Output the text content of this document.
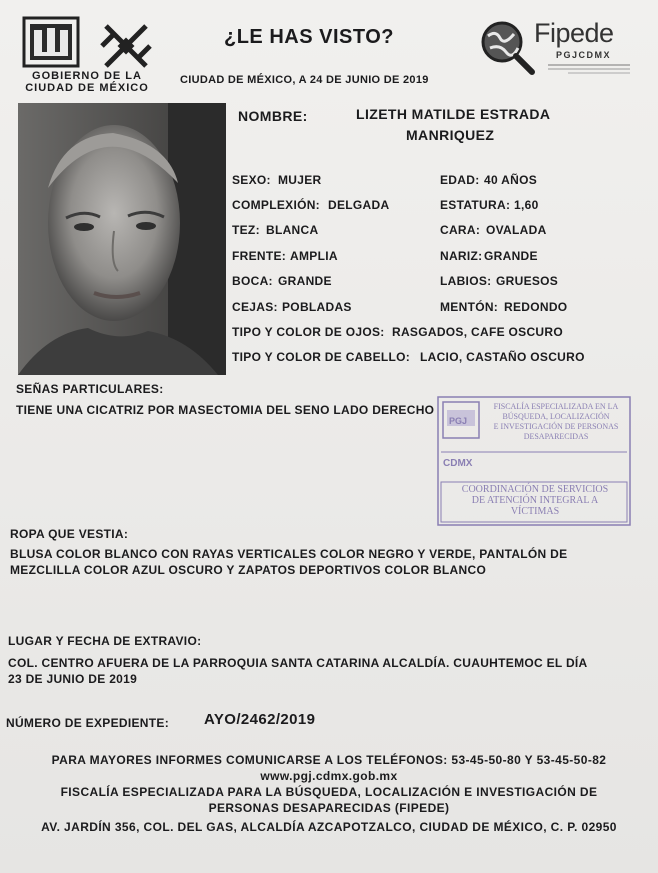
GOBIERNO DE LA
CIUDAD DE MÉXICO
¿LE HAS VISTO?
CIUDAD DE MÉXICO, A 24 DE JUNIO DE 2019
Fipede
PGJCDMX
NOMBRE:	LIZETH MATILDE ESTRADA
MANRIQUEZ
SEXO: MUJER	EDAD: 40 AÑOS
COMPLEXIÓN: DELGADA	ESTATURA: 1,60
TEZ: BLANCA	CARA: OVALADA
FRENTE: AMPLIA	NARIZ: GRANDE
BOCA: GRANDE	LABIOS: GRUESOS
CEJAS: POBLADAS	MENTÓN: REDONDO
TIPO Y COLOR DE OJOS: RASGADOS, CAFE OSCURO
TIPO Y COLOR DE CABELLO: LACIO, CASTAÑO OSCURO
SEÑAS PARTICULARES:
TIENE UNA CICATRIZ POR MASECTOMIA DEL SENO LADO DERECHO
PGJ
FISCALÍA ESPECIALIZADA EN LA
BÚSQUEDA, LOCALIZACIÓN
E INVESTIGACIÓN DE PERSONAS
DESAPARECIDAS
CDMX
COORDINACIÓN DE SERVICIOS
DE ATENCIÓN INTEGRAL A
VÍCTIMAS
ROPA QUE VESTIA:
BLUSA COLOR BLANCO CON RAYAS VERTICALES COLOR NEGRO Y VERDE, PANTALÓN DE
MEZCLILLA COLOR AZUL OSCURO Y ZAPATOS DEPORTIVOS COLOR BLANCO
LUGAR Y FECHA DE EXTRAVIO:
COL. CENTRO AFUERA DE LA PARROQUIA SANTA CATARINA ALCALDÍA. CUAUHTEMOC EL DÍA
23 DE JUNIO DE 2019
NÚMERO DE EXPEDIENTE: AYO/2462/2019
PARA MAYORES INFORMES COMUNICARSE A LOS TELÉFONOS: 53-45-50-80 Y 53-45-50-82
www.pgj.cdmx.gob.mx
FISCALÍA ESPECIALIZADA PARA LA BÚSQUEDA, LOCALIZACIÓN E INVESTIGACIÓN DE
PERSONAS DESAPARECIDAS (FIPEDE)
AV. JARDÍN 356, COL. DEL GAS, ALCALDÍA AZCAPOTZALCO, CIUDAD DE MÉXICO, C. P. 02950
